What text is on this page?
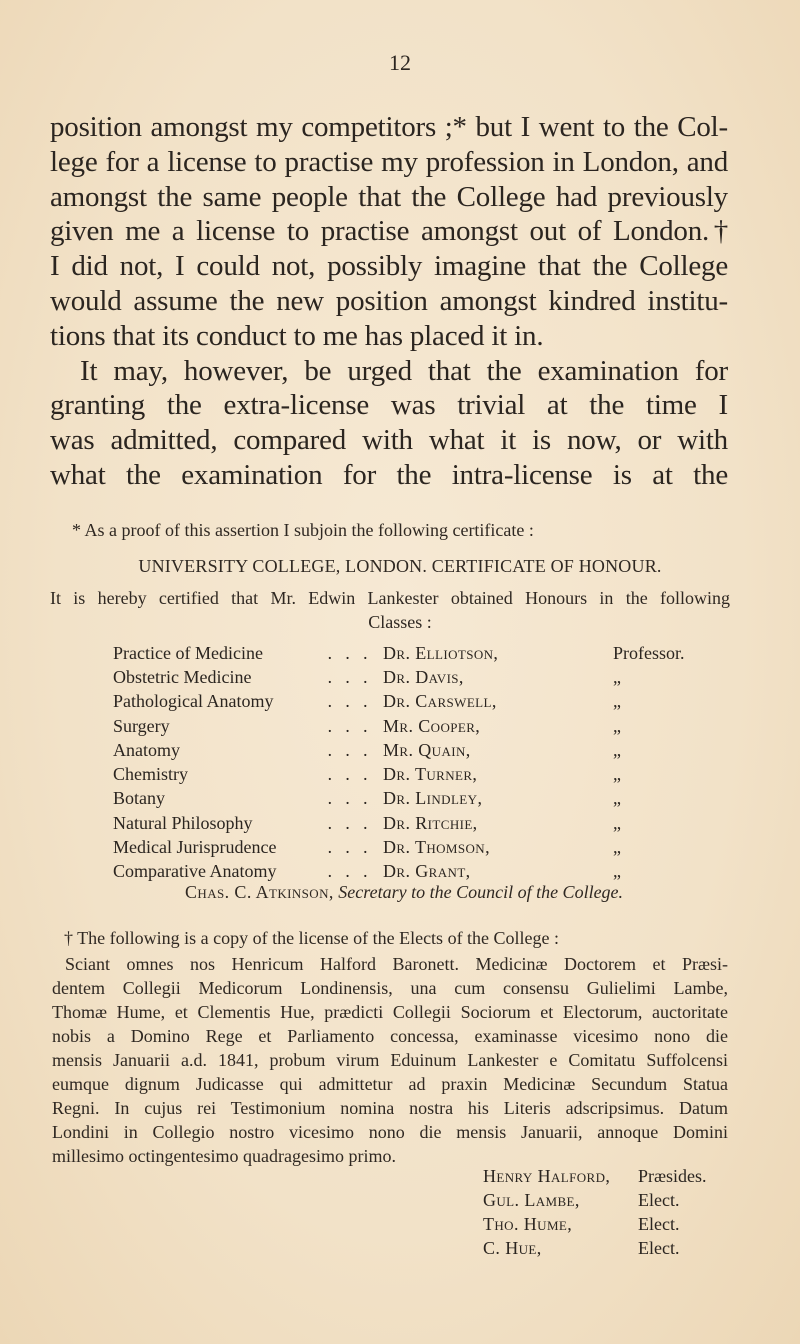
12
position amongst my competitors ;* but I went to the Col-
lege for a license to practise my profession in London, and
amongst the same people that the College had previously
given me a license to practise amongst out of London.†
I did not, I could not, possibly imagine that the College
would assume the new position amongst kindred institu-
tions that its conduct to me has placed it in.
It may, however, be urged that the examination for
granting the extra-license was trivial at the time I
was admitted, compared with what it is now, or with
what the examination for the intra-license is at the
* As a proof of this assertion I subjoin the following certificate :
UNIVERSITY COLLEGE, LONDON. CERTIFICATE OF HONOUR.
It is hereby certified that Mr. Edwin Lankester obtained Honours in the following
Classes :
Practice of Medicine	. . . Dr. Elliotson,	Professor.
Obstetric Medicine	. . . Dr. Davis,	„
Pathological Anatomy	. . . Dr. Carswell,	„
Surgery	. . . Mr. Cooper,	„
Anatomy	. . . Mr. Quain,	„
Chemistry	. . . Dr. Turner,	„
Botany	. . . Dr. Lindley,	„
Natural Philosophy	. . . Dr. Ritchie,	„
Medical Jurisprudence	. . . Dr. Thomson,	„
Comparative Anatomy	. . . Dr. Grant,	„
Chas. C. Atkinson, Secretary to the Council of the College.
† The following is a copy of the license of the Elects of the College :
Sciant omnes nos Henricum Halford Baronett. Medicinæ Doctorem et Præsi-
dentem Collegii Medicorum Londinensis, una cum consensu Gulielimi Lambe,
Thomæ Hume, et Clementis Hue, prædicti Collegii Sociorum et Electorum, auctoritate
nobis a Domino Rege et Parliamento concessa, examinasse vicesimo nono die
mensis Januarii a.d. 1841, probum virum Eduinum Lankester e Comitatu Suffolcensi
eumque dignum Judicasse qui admittetur ad praxin Medicinæ Secundum Statua
Regni. In cujus rei Testimonium nomina nostra his Literis adscripsimus. Datum
Londini in Collegio nostro vicesimo nono die mensis Januarii, annoque Domini
millesimo octingentesimo quadragesimo primo.
Henry Halford,	Præsides.
Gul. Lambe,	Elect.
Tho. Hume,	Elect.
C. Hue,	Elect.
